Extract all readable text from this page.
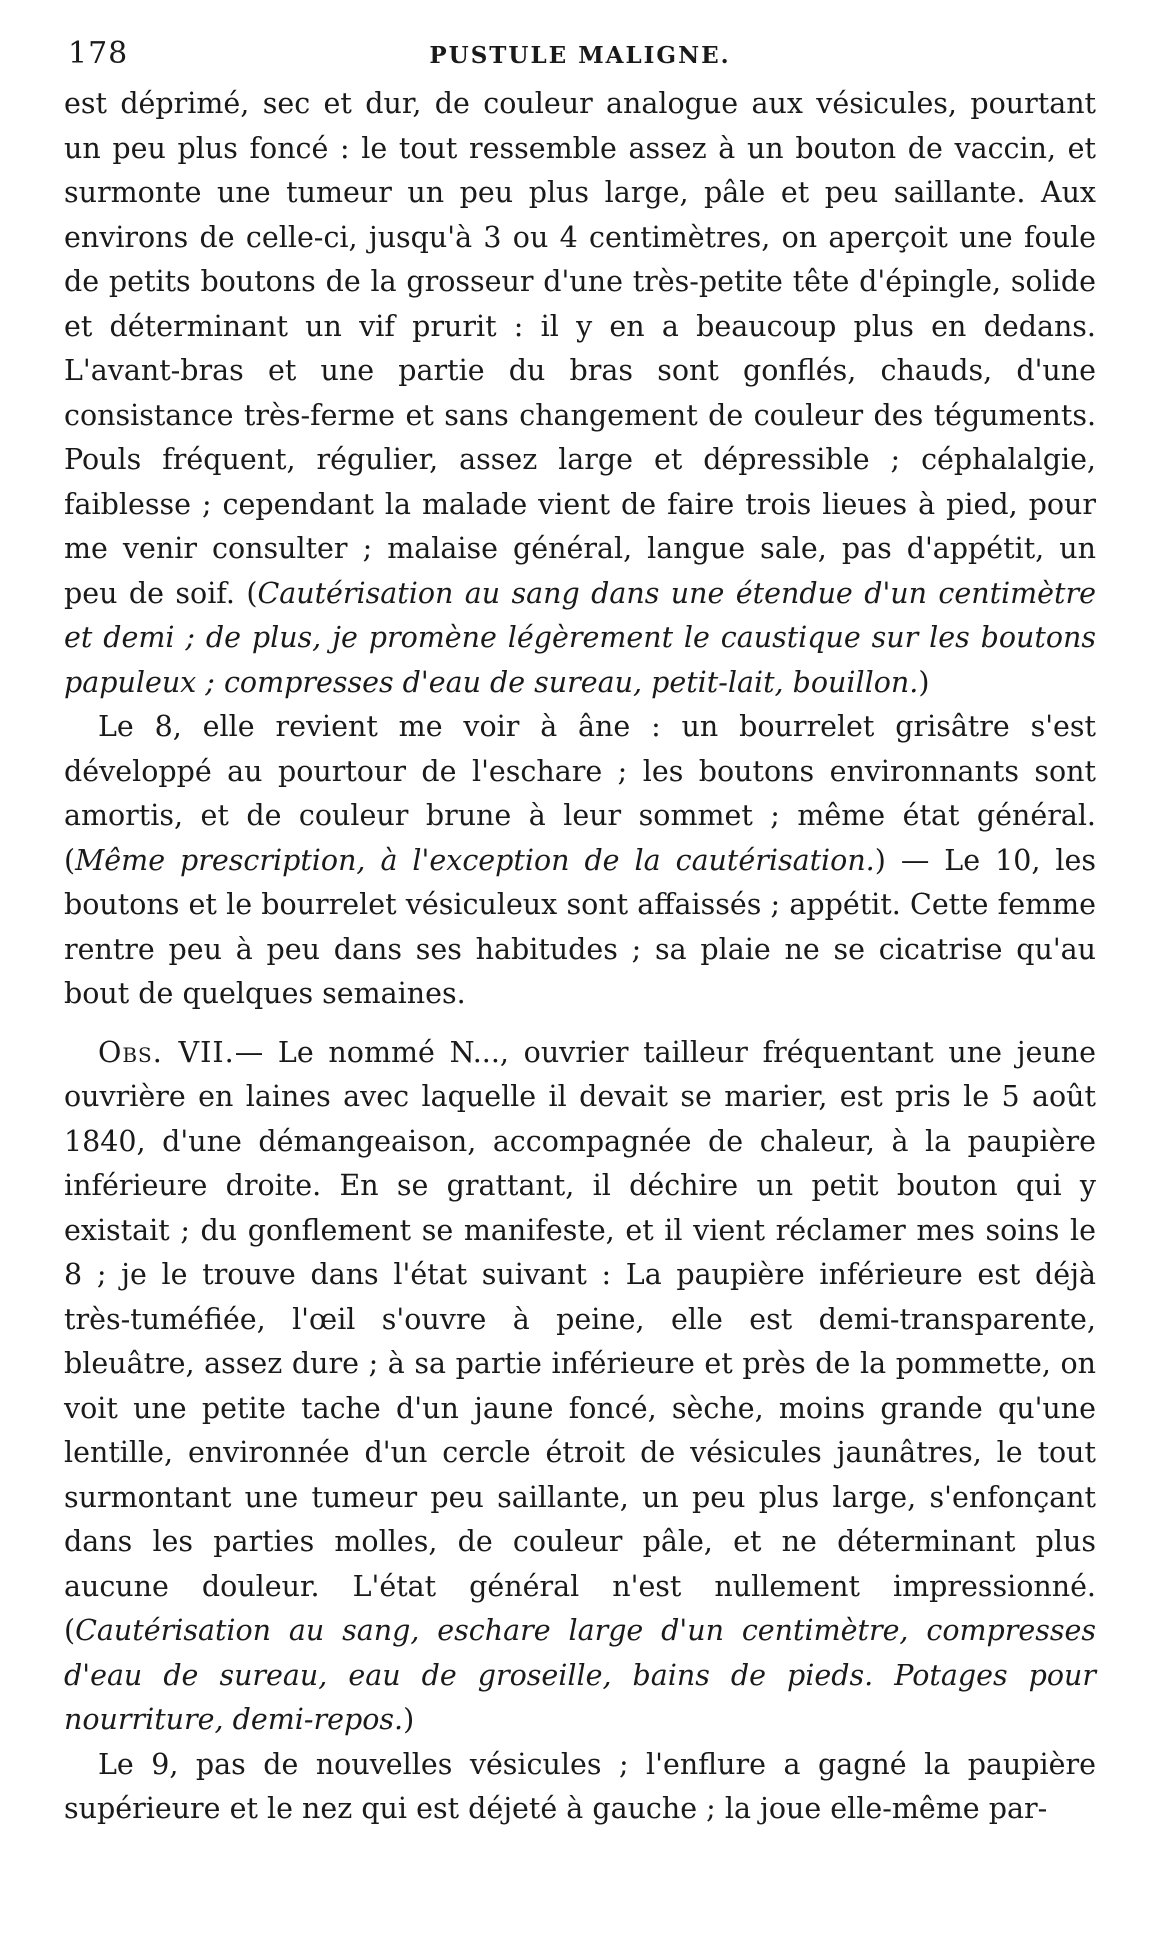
178	PUSTULE MALIGNE.

est déprimé, sec et dur, de couleur analogue aux vésicules, pourtant un peu plus foncé : le tout ressemble assez à un bouton de vaccin, et surmonte une tumeur un peu plus large, pâle et peu saillante. Aux environs de celle-ci, jusqu'à 3 ou 4 centimètres, on aperçoit une foule de petits boutons de la grosseur d'une très-petite tête d'épingle, solide et déterminant un vif prurit : il y en a beaucoup plus en dedans. L'avant-bras et une partie du bras sont gonflés, chauds, d'une consistance très-ferme et sans changement de couleur des téguments. Pouls fréquent, régulier, assez large et dépressible ; céphalalgie, faiblesse ; cependant la malade vient de faire trois lieues à pied, pour me venir consulter ; malaise général, langue sale, pas d'appétit, un peu de soif. (Cautérisation au sang dans une étendue d'un centimètre et demi ; de plus, je promène légèrement le caustique sur les boutons papuleux ; compresses d'eau de sureau, petit-lait, bouillon.)

Le 8, elle revient me voir à âne : un bourrelet grisâtre s'est développé au pourtour de l'eschare ; les boutons environnants sont amortis, et de couleur brune à leur sommet ; même état général. (Même prescription, à l'exception de la cautérisation.) — Le 10, les boutons et le bourrelet vésiculeux sont affaissés ; appétit. Cette femme rentre peu à peu dans ses habitudes ; sa plaie ne se cicatrise qu'au bout de quelques semaines.

Obs. VII.— Le nommé N..., ouvrier tailleur fréquentant une jeune ouvrière en laines avec laquelle il devait se marier, est pris le 5 août 1840, d'une démangeaison, accompagnée de chaleur, à la paupière inférieure droite. En se grattant, il déchire un petit bouton qui y existait ; du gonflement se manifeste, et il vient réclamer mes soins le 8 ; je le trouve dans l'état suivant : La paupière inférieure est déjà très-tuméfiée, l'œil s'ouvre à peine, elle est demi-transparente, bleuâtre, assez dure ; à sa partie inférieure et près de la pommette, on voit une petite tache d'un jaune foncé, sèche, moins grande qu'une lentille, environnée d'un cercle étroit de vésicules jaunâtres, le tout surmontant une tumeur peu saillante, un peu plus large, s'enfonçant dans les parties molles, de couleur pâle, et ne déterminant plus aucune douleur. L'état général n'est nullement impressionné. (Cautérisation au sang, eschare large d'un centimètre, compresses d'eau de sureau, eau de groseille, bains de pieds. Potages pour nourriture, demi-repos.)

Le 9, pas de nouvelles vésicules ; l'enflure a gagné la paupière supérieure et le nez qui est déjeté à gauche ; la joue elle-même par-
